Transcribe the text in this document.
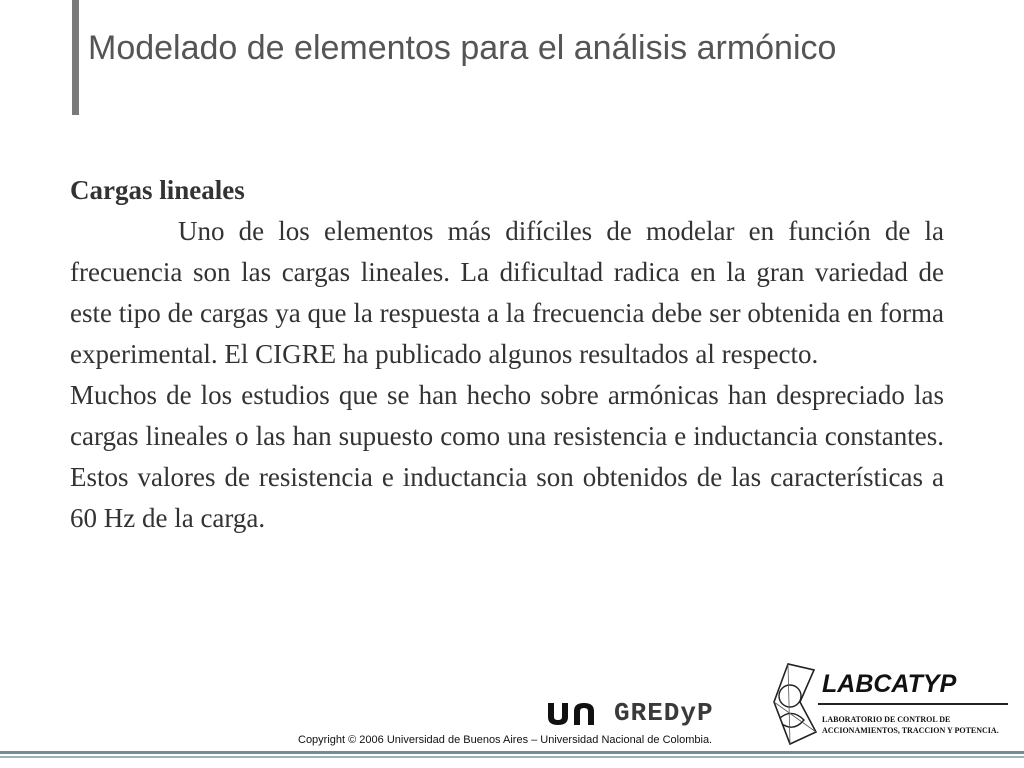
Modelado de elementos para el análisis armónico

Cargas lineales

Uno de los elementos más difíciles de modelar en función de la frecuencia son las cargas lineales. La dificultad radica en la gran variedad de este tipo de cargas ya que la respuesta a la frecuencia debe ser obtenida en forma experimental. El CIGRE ha publicado algunos resultados al respecto.

Muchos de los estudios que se han hecho sobre armónicas han despreciado las cargas lineales o las han supuesto como una resistencia e inductancia constantes. Estos valores de resistencia e inductancia son obtenidos de las características a 60 Hz de la carga.

GREDyP
Copyright © 2006 Universidad de Buenos Aires – Universidad Nacional de Colombia.
LABCATYP
LABORATORIO DE CONTROL DE
ACCIONAMIENTOS, TRACCION Y POTENCIA.
